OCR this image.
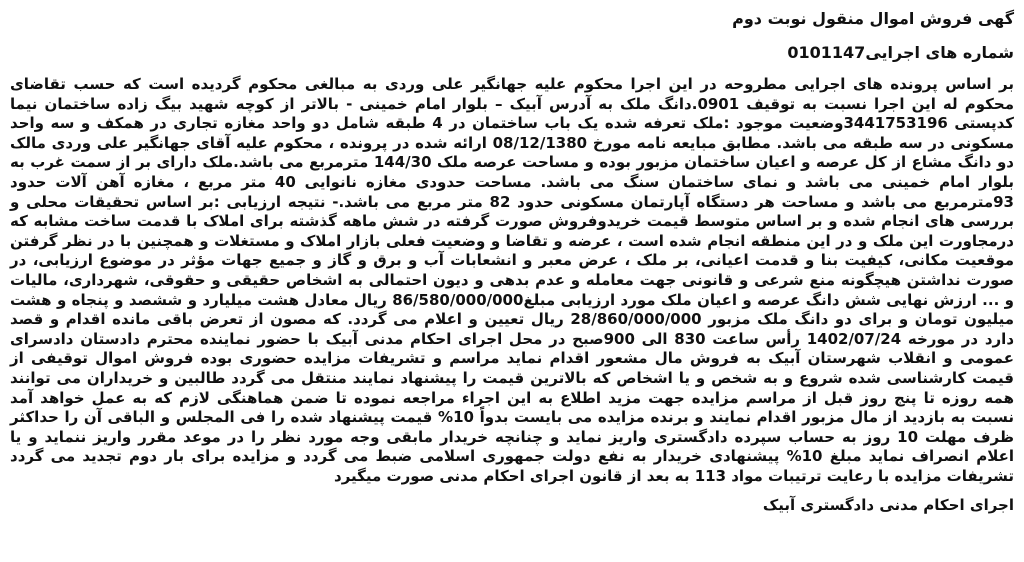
گهی فروش اموال منقول نوبت دوم
شماره های اجرایی0101147
بر اساس پرونده های اجرایی مطروحه در این اجرا محکوم علیه جهانگیر علی وردی به مبالغی محکوم گردیده است که حسب تقاضای محکوم له این اجرا نسبت به توقیف 0901.دانگ ملک به آدرس آبیک – بلوار امام خمینی - بالاتر از کوچه شهید بیگ زاده ساختمان نیما کدپستی 3441753196وضعیت موجود :ملک تعرفه شده یک باب ساختمان در 4 طبقه شامل دو واحد مغازه تجاری در همکف و سه واحد مسکونی در سه طبقه می باشد. مطابق مبایعه نامه مورخ 08/12/1380 ارائه شده در پرونده ، محکوم علیه آقای جهانگیر علی وردی مالک دو دانگ مشاع از کل عرصه و اعیان ساختمان مزبور بوده و مساحت عرصه ملک 144/30 مترمربع می باشد.ملک دارای بر از سمت غرب به بلوار امام خمینی می باشد و نمای ساختمان سنگ می باشد. مساحت حدودی مغازه نانوایی 40 متر مربع ، مغازه آهن آلات حدود 93مترمربع می باشد و مساحت هر دستگاه آپارتمان مسکونی حدود 82 متر مربع می باشد.- نتیجه ارزیابی :بر اساس تحقیقات محلی و بررسی های انجام شده و بر اساس متوسط قیمت خریدوفروش صورت گرفته در شش ماهه گذشته برای املاک با قدمت ساخت مشابه که درمجاورت این ملک و در این منطقه انجام شده است ، عرضه و تقاضا و وضعیت فعلی بازار املاک و مستغلات و همچنین با در نظر گرفتن موقعیت مکانی، کیفیت بنا و قدمت اعیانی، بر ملک ، عرض معبر و انشعابات آب و برق و گاز و جمیع جهات مؤثر در موضوع ارزیابی، در صورت نداشتن هیچگونه منع شرعی و قانونی جهت معامله و عدم بدهی و دیون احتمالی به اشخاص حقیقی و حقوقی، شهرداری، مالیات و ... ارزش نهایی شش دانگ عرصه و اعیان ملک مورد ارزیابی مبلغ86/580/000/000 ریال معادل هشت میلیارد و ششصد و پنجاه و هشت میلیون تومان و برای دو دانگ ملک مزبور 28/860/000/000 ریال تعیین و اعلام می گردد. که مصون از تعرض باقی مانده اقدام و قصد دارد در مورخه 1402/07/24 رأس ساعت 830 الی 900صبح در محل اجرای احکام مدنی آبیک با حضور نماینده محترم دادستان دادسرای عمومی و انقلاب شهرستان آبیک به فروش مال مشعور اقدام نماید مراسم و تشریفات مزایده حضوری بوده فروش اموال توقیفی از قیمت کارشناسی شده شروع و به شخص و یا اشخاص که بالاترین قیمت را پیشنهاد نمایند منتقل می گردد طالبین و خریداران می توانند همه روزه تا پنج روز قبل از مراسم مزایده جهت مزید اطلاع به این اجراء مراجعه نموده تا ضمن هماهنگی لازم که به عمل خواهد آمد نسبت به بازدید از مال مزبور اقدام نمایند و برنده مزایده می بایست بدواً 10% قیمت پیشنهاد شده را فی المجلس و الباقی آن را حداکثر ظرف مهلت 10 روز به حساب سپرده دادگستری واریز نماید و چنانچه خریدار مابقی وجه مورد نظر را در موعد مقرر واریز ننماید و یا اعلام انصراف نماید مبلغ 10% پیشنهادی خریدار به نفع دولت جمهوری اسلامی ضبط می گردد و مزایده برای بار دوم تجدید می گردد تشریفات مزایده با رعایت ترتیبات مواد 113 به بعد از قانون اجرای احکام مدنی صورت میگیرد
اجرای احکام مدنی دادگستری آبیک
